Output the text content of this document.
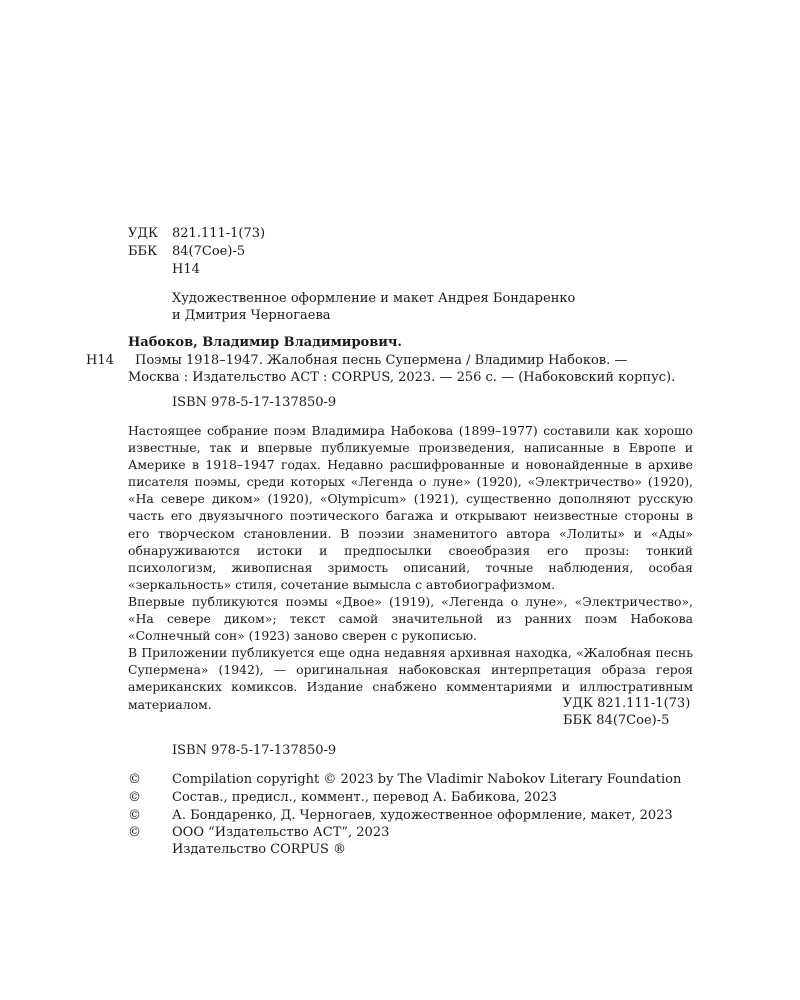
УДК 821.111-1(73)
ББК 84(7Сое)-5
Н14
Художественное оформление и макет Андрея Бондаренко
и Дмитрия Черногаева
Набоков, Владимир Владимирович.
Н14 Поэмы 1918–1947. Жалобная песнь Супермена / Владимир Набоков. —
Москва : Издательство АСТ : CORPUS, 2023. — 256 с. — (Набоковский корпус).
ISBN 978-5-17-137850-9

Настоящее собрание поэм Владимира Набокова (1899–1977) составили как хорошо известные, так и впервые публикуемые произведения, написанные в Европе и Америке в 1918–1947 годах. Недавно расшифрованные и новонайденные в архиве писателя поэмы, среди которых «Легенда о луне» (1920), «Электричество» (1920), «На севере диком» (1920), «Olympicum» (1921), существенно дополняют русскую часть его двуязычного поэтического багажа и открывают неизвестные стороны в его творческом становлении. В поэзии знаменитого автора «Лолиты» и «Ады» обнаруживаются истоки и предпосылки своеобразия его прозы: тонкий психологизм, живописная зримость описаний, точные наблюдения, особая «зеркальность» стиля, сочетание вымысла с автобиографизмом.

Впервые публикуются поэмы «Двое» (1919), «Легенда о луне», «Электричество», «На севере диком»; текст самой значительной из ранних поэм Набокова «Солнечный сон» (1923) заново сверен с рукописью.

В Приложении публикуется еще одна недавняя архивная находка, «Жалобная песнь Супермена» (1942), — оригинальная набоковская интерпретация образа героя американских комиксов. Издание снабжено комментариями и иллюстративным материалом.	УДК 821.111-1(73)
ББК 84(7Сое)-5
ISBN 978-5-17-137850-9
© Compilation copyright © 2023 by The Vladimir Nabokov Literary Foundation
© Состав., предисл., коммент., перевод А. Бабикова, 2023
© А. Бондаренко, Д. Черногаев, художественное оформление, макет, 2023
© ООО “Издательство АСТ”, 2023
Издательство CORPUS ®
